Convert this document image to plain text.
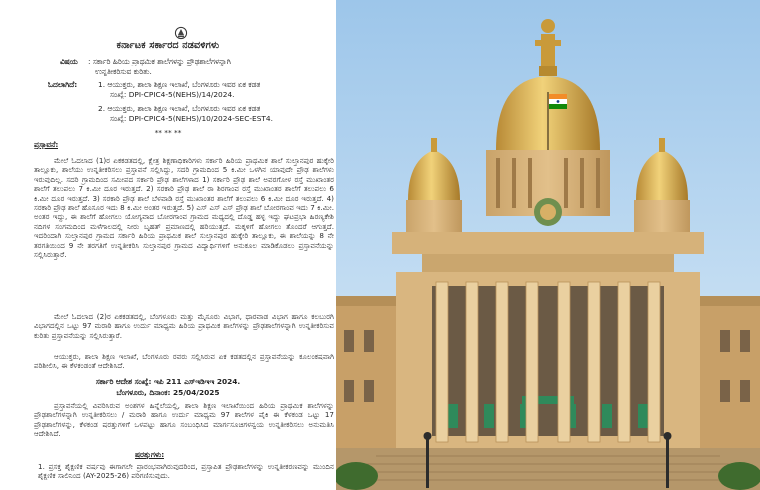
ಕರ್ನಾಟಕ ಸರ್ಕಾರದ ನಡವಳಿಗಳು
ವಿಷಯ : ಸರ್ಕಾರಿ ಹಿರಿಯ ಪ್ರಾಥಮಿಕ ಶಾಲೆಗಳನ್ನು ಪ್ರೌಢಶಾಲೆಗಳನ್ನಾಗಿ
ಉನ್ನತೀಕರಿಸುವ ಕುರಿತು.
ಓದಲಾಗಿದೆ:	1. ಆಯುಕ್ತರು, ಶಾಲಾ ಶಿಕ್ಷಣ ಇಲಾಖೆ, ಬೆಂಗಳೂರು ಇವರ ಏಕ ಕಡತ
ಸಂಖ್ಯೆ: DPI-CPIC4-5(NEHS)/14/2024.
2. ಆಯುಕ್ತರು, ಶಾಲಾ ಶಿಕ್ಷಣ ಇಲಾಖೆ, ಬೆಂಗಳೂರು ಇವರ ಏಕ ಕಡತ
ಸಂಖ್ಯೆ: DPI-CPIC4-5(NEHS)/10/2024-SEC-EST4.
** ** **
ಪ್ರಸ್ತಾವನೆ:
ಮೇಲೆ ಓದಲಾದ (1)ರ ಏಕಕಡತದಲ್ಲಿ, ಕ್ಷೇತ್ರ ಶಿಕ್ಷಣಾಧಿಕಾರಿಗಳು ಸರ್ಕಾರಿ ಹಿರಿಯ ಪ್ರಾಥಮಿಕ ಶಾಲೆ ಸುಲ್ತಾನಪುರ ಹುಕ್ಕೇರಿ ತಾಲ್ಲೂಕು, ಶಾಲೆಯು ಉನ್ನತೀಕರಿಸಲು ಪ್ರಸ್ತಾವನೆ ಸಲ್ಲಿಸಿದ್ದು, ಸದರಿ ಗ್ರಾಮದಿಂದ 5 ಕಿ.ಮೀ ಒಳಗಿನ ಯಾವುದೇ ಪ್ರೌಢ ಶಾಲೆಗಳು ಇರುವುದಿಲ್ಲ. ಸದರಿ ಗ್ರಾಮದಿಂದ ಸಮೀಪದ ಸರ್ಕಾರಿ ಪ್ರೌಢ ಶಾಲೆಗಳಾದ 1) ಸರ್ಕಾರಿ ಪ್ರೌಢ ಶಾಲೆ ಅವರಗೋಳ ರಸ್ತೆ ಮುಖಾಂತರ ಶಾಲೆಗೆ ತಲುಪಲು 7 ಕಿ.ಮೀ ದೂರ ಇರುತ್ತದೆ. 2) ಸರಕಾರಿ ಪ್ರೌಢ ಶಾಲೆ ರಾ ಶಿರಗಾಂವ ರಸ್ತೆ ಮುಖಾಂತರ ಶಾಲೆಗೆ ತಲುಪಲು 6 ಕಿ.ಮೀ ದೂರ ಇರುತ್ತದೆ. 3) ಸರಕಾರಿ ಪ್ರೌಢ ಶಾಲೆ ಬೆಳವಾಡಿ ರಸ್ತೆ ಮುಖಾಂತರ ಶಾಲೆಗೆ ತಲುಪಲು 6 ಕಿ.ಮೀ ದೂರ ಇರುತ್ತದೆ. 4) ಸರಕಾರಿ ಪ್ರೌಢ ಶಾಲೆ ಹೊಸೂರ ಇದು 8 ಕಿ.ಮೀ ಅಂತರ ಇರುತ್ತದೆ. 5) ಎಸ್ ಎಸ್ ಎಸ್ ಪ್ರೌಢ ಶಾಲೆ ಬೋರಗಾಂವ ಇದು 7 ಕಿ.ಮೀ. ಅಂತರ ಇದ್ದು, ಈ ಶಾಲೆಗೆ ಹೋಗಲು ಯೋಗ್ಯವಾದ ಬೋರಗಾಂವ ಗ್ರಾಮದ ಮಧ್ಯದಲ್ಲಿ ದೊಡ್ಡ ಹಳ್ಳ ಇದ್ದು ಘಟಪ್ರಭಾ ಹಿರಣ್ಯಕೇಶಿ ನದಿಗಳ ಸಂಗಮದಿಂದ ಮಳೆಗಾಲದಲ್ಲಿ ನೀರು ಬೃಹತ್ ಪ್ರಮಾಣದಲ್ಲಿ ಹರಿಯುತ್ತದೆ. ಮಕ್ಕಳಿಗೆ ಹೋಗಲು ತೊಂದರೆ ಆಗುತ್ತದೆ. ಇದರಿಂದಾಗಿ ಸುಲ್ತಾನಪುರ ಗ್ರಾಮದ ಸರ್ಕಾರಿ ಹಿರಿಯ ಪ್ರಾಥಮಿಕ ಶಾಲೆ ಸುಲ್ತಾನಪುರ ಹುಕ್ಕೇರಿ ತಾಲ್ಲೂಕು, ಈ ಶಾಲೆಯನ್ನು 8 ನೇ ತರಗತಿಯಿಂದ 9 ನೇ ತರಗತಿಗೆ ಉನ್ನತೀಕರಿಸಿ ಸುಲ್ತಾನಪುರ ಗ್ರಾಮದ ವಿದ್ಯಾರ್ಥಿಗಳಿಗೆ ಅನುಕೂಲ ಮಾಡಿಕೊಡಲು ಪ್ರಸ್ತಾವನೆಯನ್ನು ಸಲ್ಲಿಸಿರುತ್ತಾರೆ.
ಮೇಲೆ ಓದಲಾದ (2)ರ ಏಕಕಡತದಲ್ಲಿ, ಬೆಂಗಳೂರು ಮತ್ತು ಮೈಸೂರು ವಿಭಾಗ, ಧಾರವಾಡ ವಿಭಾಗ ಹಾಗೂ ಕಲಬುರಗಿ ವಿಭಾಗದಲ್ಲಿನ ಒಟ್ಟು 97 ಮರಾಠಿ ಹಾಗೂ ಉರ್ದು ಮಾಧ್ಯಮ ಹಿರಿಯ ಪ್ರಾಥಮಿಕ ಶಾಲೆಗಳನ್ನು ಪ್ರೌಢಶಾಲೆಗಳನ್ನಾಗಿ ಉನ್ನತೀಕರಿಸುವ ಕುರಿತು ಪ್ರಸ್ತಾವನೆಯನ್ನು ಸಲ್ಲಿಸಿರುತ್ತಾರೆ.
ಆಯುಕ್ತರು, ಶಾಲಾ ಶಿಕ್ಷಣ ಇಲಾಖೆ, ಬೆಂಗಳೂರು ರವರು ಸಲ್ಲಿಸಿರುವ ಏಕ ಕಡತದಲ್ಲಿನ ಪ್ರಸ್ತಾವನೆಯನ್ನು ಕೂಲಂಕಷವಾಗಿ ಪರಿಶೀಲಿಸಿ, ಈ ಕೆಳಕಂಡಂತೆ ಆದೇಶಿಸಿದೆ.
ಸರ್ಕಾರಿ ಆದೇಶ ಸಂಖ್ಯೆ: ಇಪಿ 211 ಎಸ್ಇಡಿಇಇ 2024.
ಬೆಂಗಳೂರು, ದಿನಾಂಕ: 25/04/2025
ಪ್ರಸ್ತಾವನೆಯಲ್ಲಿ ವಿವರಿಸಿರುವ ಅಂಶಗಳ ಹಿನ್ನೆಲೆಯಲ್ಲಿ, ಶಾಲಾ ಶಿಕ್ಷಣ ಇಲಾಖೆಯಿಂದ ಹಿರಿಯ ಪ್ರಾಥಮಿಕ ಶಾಲೆಗಳನ್ನು ಪ್ರೌಢಶಾಲೆಗಳನ್ನಾಗಿ ಉನ್ನತೀಕರಿಸಲು / ಮರಾಠಿ ಹಾಗೂ ಉರ್ದು ಮಾಧ್ಯಮ 97 ಶಾಲೆಗಳ ಪೈಕಿ ಈ ಕೆಳಕಂಡ ಒಟ್ಟು 17 ಪ್ರೌಢಶಾಲೆಗಳನ್ನು, ಕೆಳಕಂಡ ಷರತ್ತುಗಳಿಗೆ ಒಳಪಟ್ಟು ಹಾಗೂ ಸಂಬಂಧಿಸಿದ ಮಾರ್ಗಸೂಚಿಗಳನ್ವಯ ಉನ್ನತೀಕರಿಸಲು ಅನುಮತಿಸಿ ಆದೇಶಿಸಿದೆ.
ಷರತ್ತುಗಳು:
1. ಪ್ರಸಕ್ತ ಶೈಕ್ಷಣಿಕ ವರ್ಷವು ಈಗಾಗಲೇ ಪ್ರಾರಂಭವಾಗಿರುವುದರಿಂದ, ಪ್ರಸ್ತಾಪಿತ ಪ್ರೌಢಶಾಲೆಗಳನ್ನು ಉನ್ನತೀಕರಣವನ್ನು ಮುಂದಿನ ಶೈಕ್ಷಣಿಕ ಸಾಲಿನಿಂದ (AY-2025-26) ಪರಿಗಣಿಸುವುದು.
